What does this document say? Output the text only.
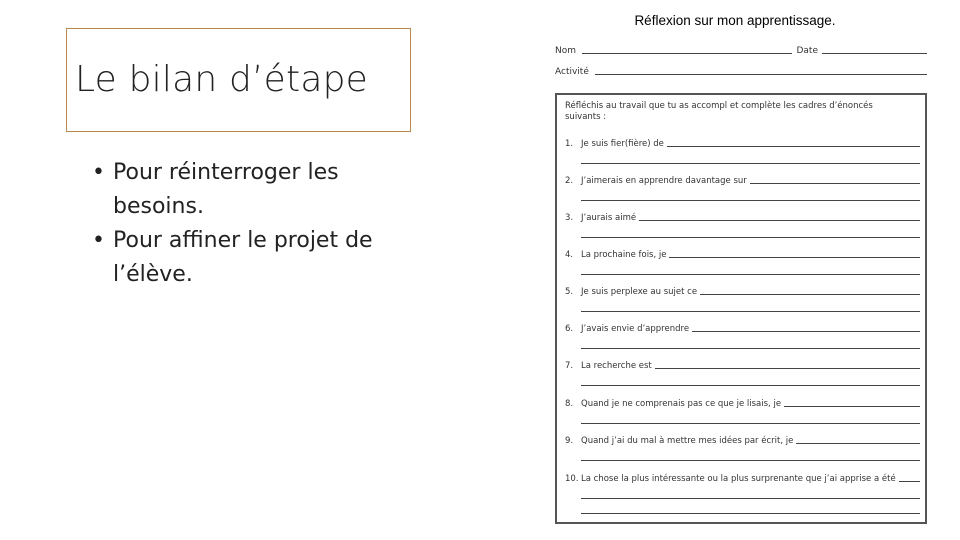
Le bilan d’étape
• Pour réinterroger les besoins.
• Pour affiner le projet de l’élève.
Réflexion sur mon apprentissage.
Nom	Date
Activité
Réfléchis au travail que tu as accompl et complète les cadres d’énoncés suivants :
1. Je suis fier(fière) de
2. J’aimerais en apprendre davantage sur
3. J’aurais aimé
4. La prochaine fois, je
5. Je suis perplexe au sujet ce
6. J’avais envie d’apprendre
7. La recherche est
8. Quand je ne comprenais pas ce que je lisais, je
9. Quand j’ai du mal à mettre mes idées par écrit, je
10. La chose la plus intéressante ou la plus surprenante que j’ai apprise a été
